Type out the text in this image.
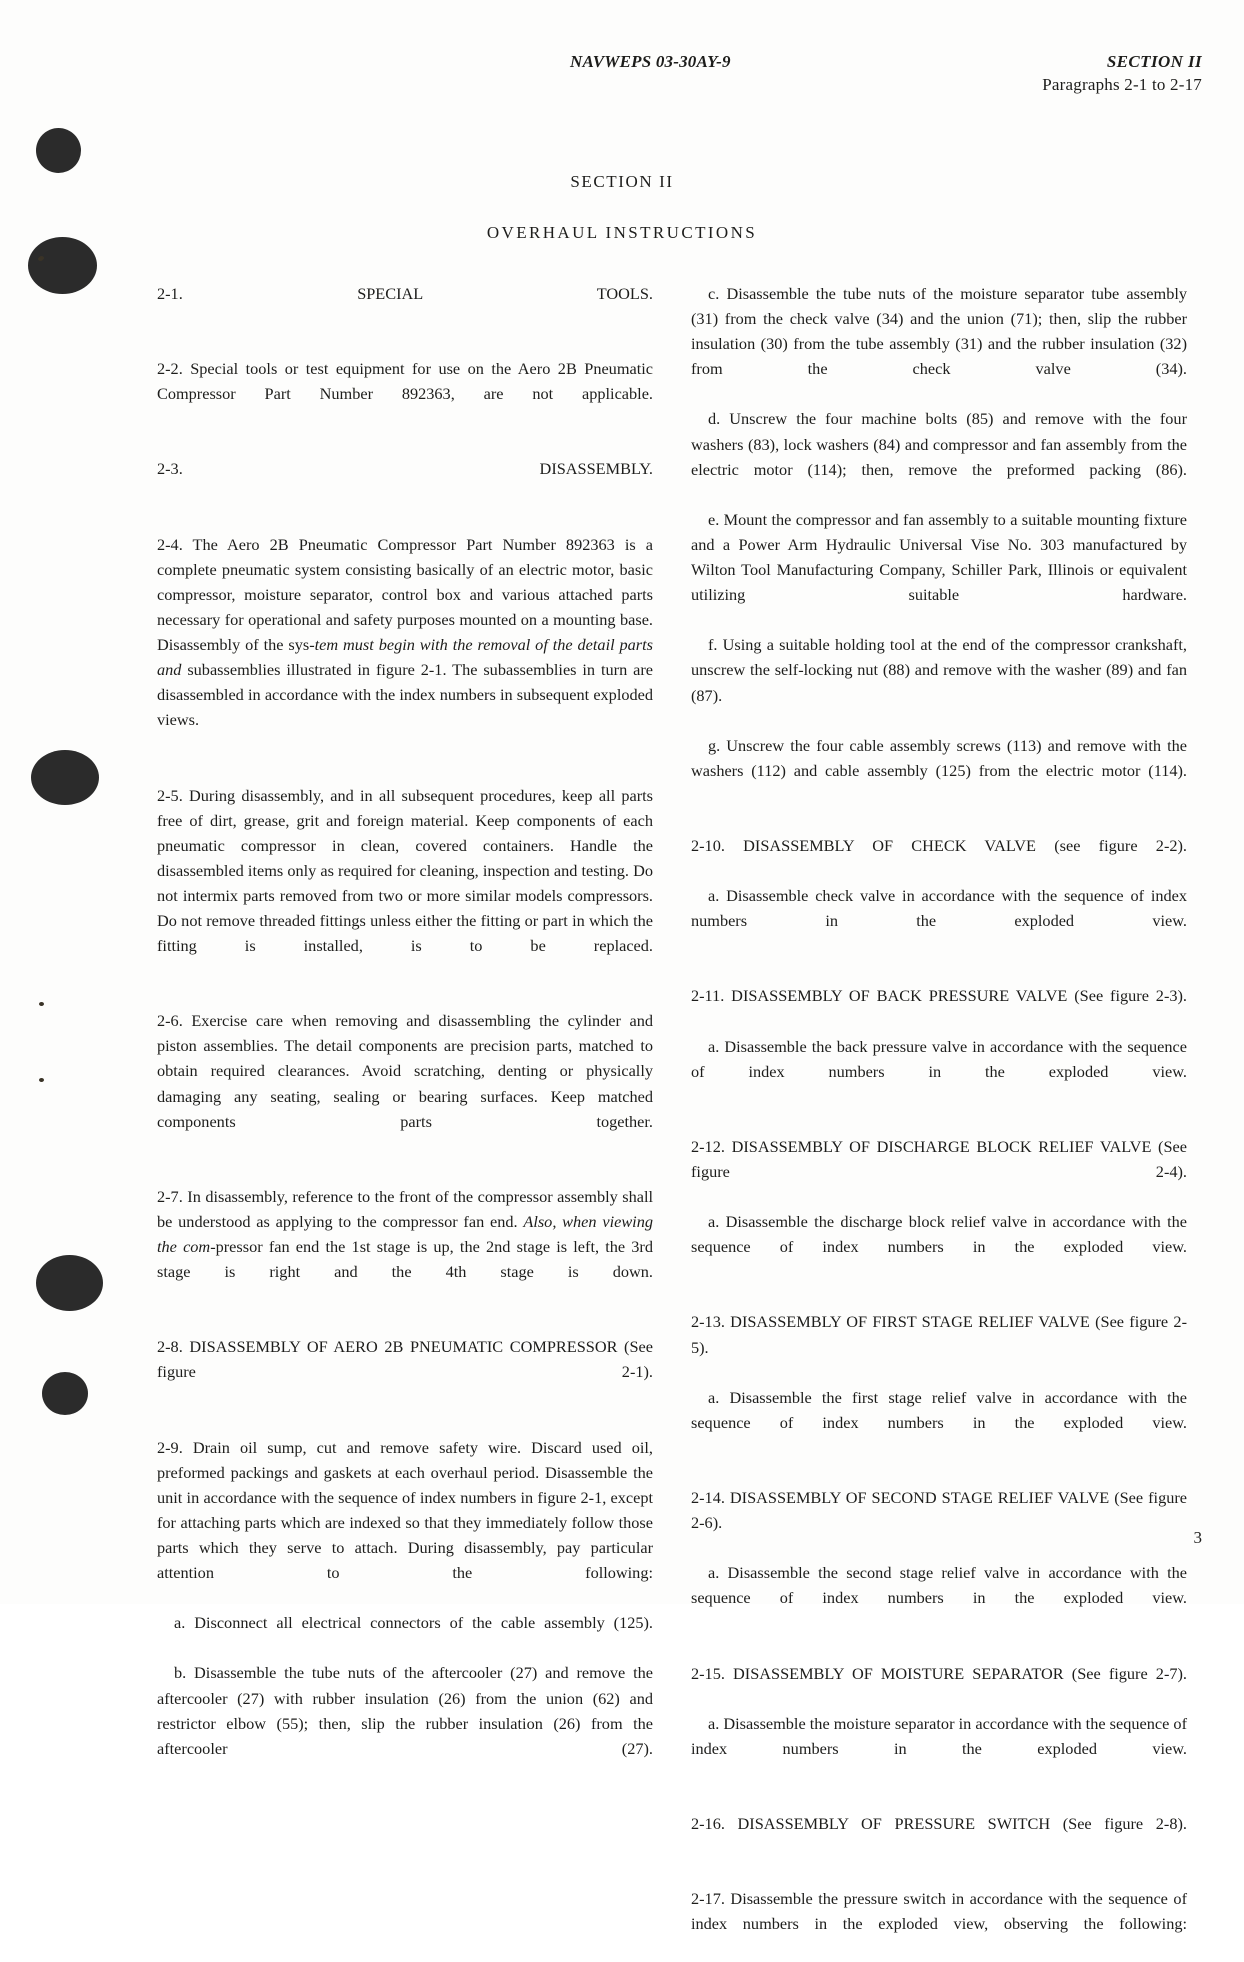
NAVWEPS 03-30AY-9	SECTION II
Paragraphs 2-1 to 2-17
SECTION II
OVERHAUL INSTRUCTIONS

2-1. SPECIAL TOOLS.

2-2. Special tools or test equipment for use on the Aero 2B Pneumatic Compressor Part Number 892363, are not applicable.

2-3. DISASSEMBLY.

2-4. The Aero 2B Pneumatic Compressor Part Number 892363 is a complete pneumatic system consisting basically of an electric motor, basic compressor, moisture separator, control box and various attached parts necessary for operational and safety purposes mounted on a mounting base. Disassembly of the sys-tem must begin with the removal of the detail parts and subassemblies illustrated in figure 2-1. The subassemblies in turn are disassembled in accordance with the index numbers in subsequent exploded views.

2-5. During disassembly, and in all subsequent procedures, keep all parts free of dirt, grease, grit and foreign material. Keep components of each pneumatic compressor in clean, covered containers. Handle the disassembled items only as required for cleaning, inspection and testing. Do not intermix parts removed from two or more similar models compressors. Do not remove threaded fittings unless either the fitting or part in which the fitting is installed, is to be replaced.

2-6. Exercise care when removing and disassembling the cylinder and piston assemblies. The detail components are precision parts, matched to obtain required clearances. Avoid scratching, denting or physically damaging any seating, sealing or bearing surfaces. Keep matched components parts together.

2-7. In disassembly, reference to the front of the compressor assembly shall be understood as applying to the compressor fan end. Also, when viewing the com-pressor fan end the 1st stage is up, the 2nd stage is left, the 3rd stage is right and the 4th stage is down.

2-8. DISASSEMBLY OF AERO 2B PNEUMATIC COMPRESSOR (See figure 2-1).

2-9. Drain oil sump, cut and remove safety wire. Discard used oil, preformed packings and gaskets at each overhaul period. Disassemble the unit in accordance with the sequence of index numbers in figure 2-1, except for attaching parts which are indexed so that they immediately follow those parts which they serve to attach. During disassembly, pay particular attention to the following:

a. Disconnect all electrical connectors of the cable assembly (125).

b. Disassemble the tube nuts of the aftercooler (27) and remove the aftercooler (27) with rubber insulation (26) from the union (62) and restrictor elbow (55); then, slip the rubber insulation (26) from the aftercooler (27).

c. Disassemble the tube nuts of the moisture separator tube assembly (31) from the check valve (34) and the union (71); then, slip the rubber insulation (30) from the tube assembly (31) and the rubber insulation (32) from the check valve (34).

d. Unscrew the four machine bolts (85) and remove with the four washers (83), lock washers (84) and compressor and fan assembly from the electric motor (114); then, remove the preformed packing (86).

e. Mount the compressor and fan assembly to a suitable mounting fixture and a Power Arm Hydraulic Universal Vise No. 303 manufactured by Wilton Tool Manufacturing Company, Schiller Park, Illinois or equivalent utilizing suitable hardware.

f. Using a suitable holding tool at the end of the compressor crankshaft, unscrew the self-locking nut (88) and remove with the washer (89) and fan (87).

g. Unscrew the four cable assembly screws (113) and remove with the washers (112) and cable assembly (125) from the electric motor (114).

2-10. DISASSEMBLY OF CHECK VALVE (see figure 2-2).

a. Disassemble check valve in accordance with the sequence of index numbers in the exploded view.

2-11. DISASSEMBLY OF BACK PRESSURE VALVE (See figure 2-3).

a. Disassemble the back pressure valve in accordance with the sequence of index numbers in the exploded view.

2-12. DISASSEMBLY OF DISCHARGE BLOCK RELIEF VALVE (See figure 2-4).

a. Disassemble the discharge block relief valve in accordance with the sequence of index numbers in the exploded view.

2-13. DISASSEMBLY OF FIRST STAGE RELIEF VALVE (See figure 2-5).

a. Disassemble the first stage relief valve in accordance with the sequence of index numbers in the exploded view.

2-14. DISASSEMBLY OF SECOND STAGE RELIEF VALVE (See figure 2-6).

a. Disassemble the second stage relief valve in accordance with the sequence of index numbers in the exploded view.

2-15. DISASSEMBLY OF MOISTURE SEPARATOR (See figure 2-7).

a. Disassemble the moisture separator in accordance with the sequence of index numbers in the exploded view.

2-16. DISASSEMBLY OF PRESSURE SWITCH (See figure 2-8).

2-17. Disassemble the pressure switch in accordance with the sequence of index numbers in the exploded view, observing the following:

3
